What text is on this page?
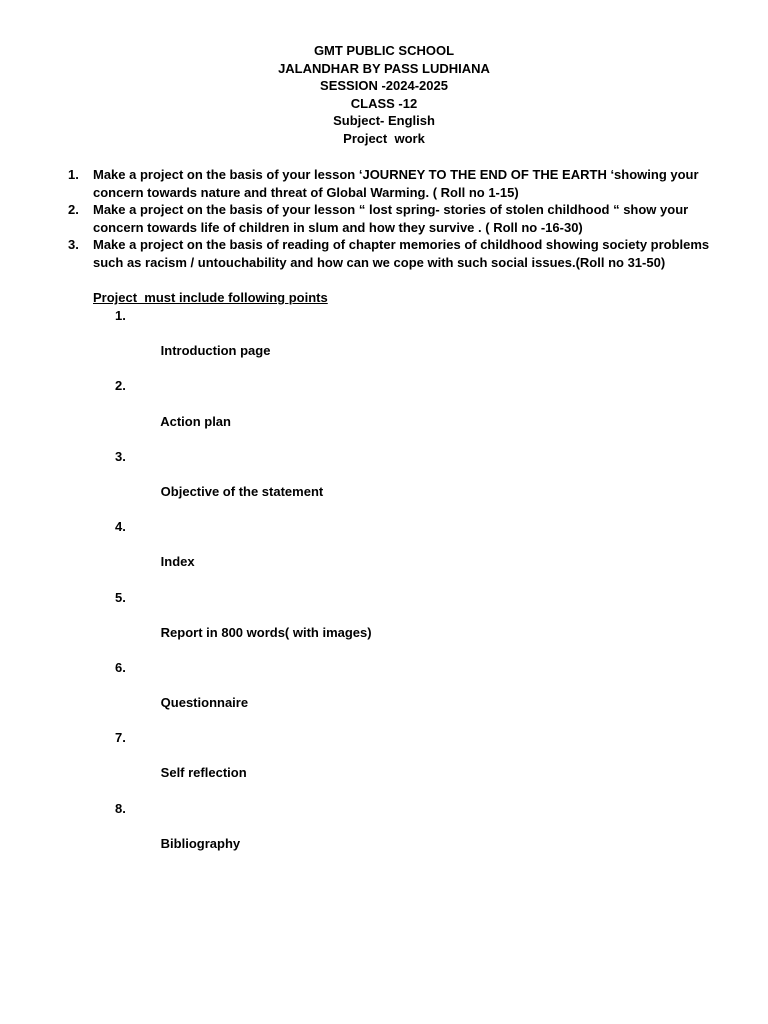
GMT PUBLIC SCHOOL
JALANDHAR BY PASS LUDHIANA
SESSION -2024-2025
CLASS -12
Subject- English
Project  work
1. Make a project on the basis of your lesson ‘JOURNEY TO THE END OF THE EARTH ‘showing your concern towards nature and threat of Global Warming. ( Roll no 1-15)
2. Make a project on the basis of your lesson “ lost spring- stories of stolen childhood “ show your concern towards life of children in slum and how they survive . ( Roll no -16-30)
3. Make a project on the basis of reading of chapter memories of childhood showing society problems such as racism / untouchability and how can we cope with such social issues.(Roll no 31-50)
Project  must include following points

1.

Introduction page

2.

Action plan

3.

Objective of the statement

4.

Index

5.

Report in 800 words( with images)

6.

Questionnaire

7.

Self reflection

8.

Bibliography
